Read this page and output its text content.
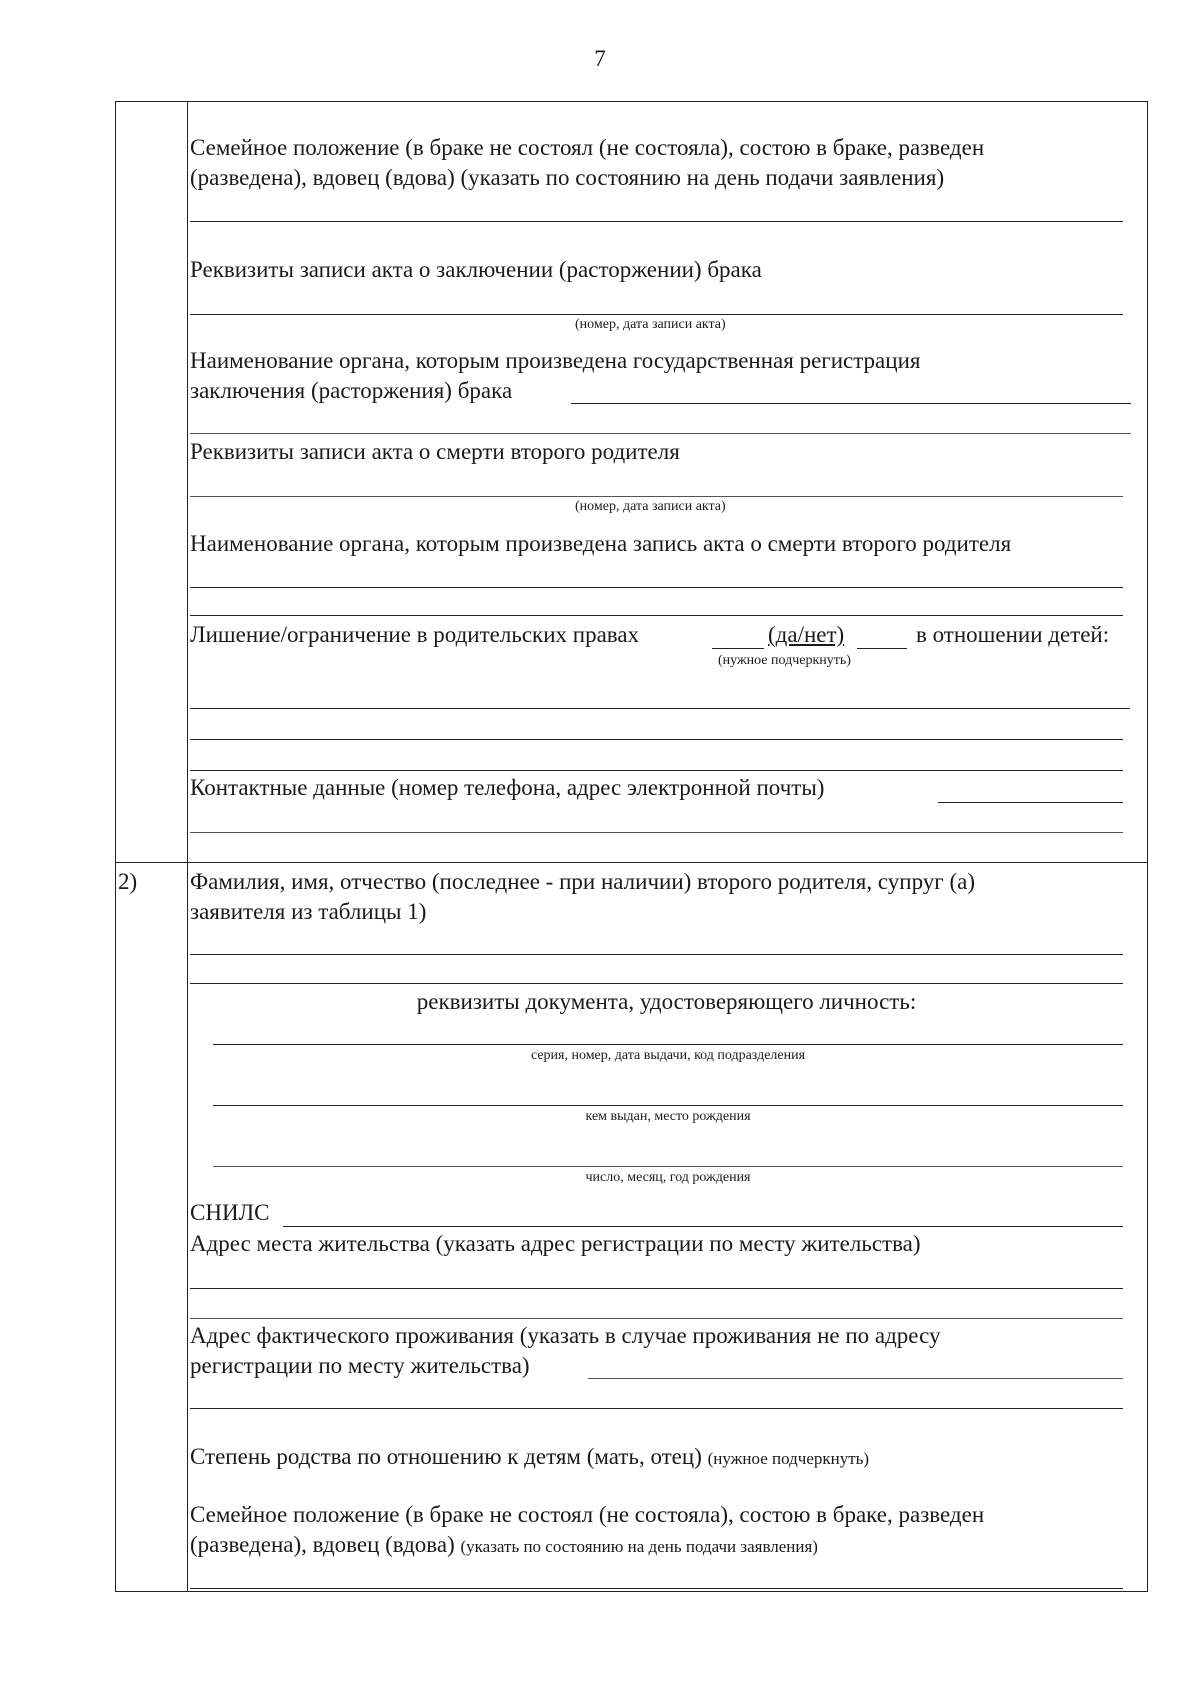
7
Семейное положение (в браке не состоял (не состояла), состою в браке, разведен
(разведена), вдовец (вдова) (указать по состоянию на день подачи заявления)
Реквизиты записи акта о заключении (расторжении) брака
(номер, дата записи акта)
Наименование органа, которым произведена государственная регистрация
заключения (расторжения) брака
Реквизиты записи акта о смерти второго родителя
(номер, дата записи акта)
Наименование органа, которым произведена запись акта о смерти второго родителя
Лишение/ограничение в родительских правах	(да/нет)	в отношении детей:
(нужное подчеркнуть)
Контактные данные (номер телефона, адрес электронной почты)
2) Фамилия, имя, отчество (последнее - при наличии) второго родителя, супруг (а)
заявителя из таблицы 1)
реквизиты документа, удостоверяющего личность:
серия, номер, дата выдачи, код подразделения
кем выдан, место рождения
число, месяц, год рождения
СНИЛС
Адрес места жительства (указать адрес регистрации по месту жительства)
Адрес фактического проживания (указать в случае проживания не по адресу
регистрации по месту жительства)
Степень родства по отношению к детям (мать, отец) (нужное подчеркнуть)
Семейное положение (в браке не состоял (не состояла), состою в браке, разведен
(разведена), вдовец (вдова) (указать по состоянию на день подачи заявления)
